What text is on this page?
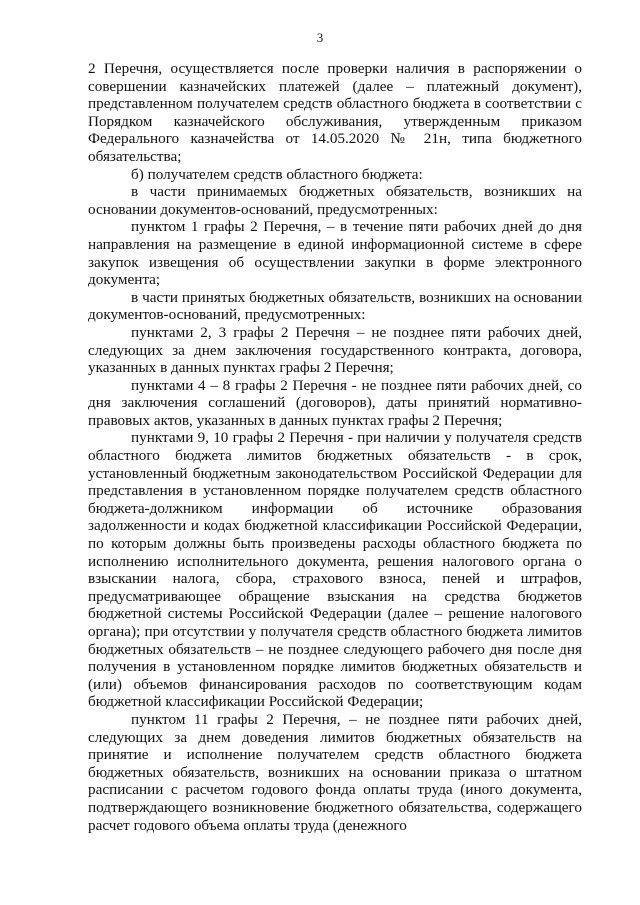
3

2 Перечня, осуществляется после проверки наличия в распоряжении о совершении казначейских платежей (далее – платежный документ), представленном получателем средств областного бюджета в соответствии с Порядком казначейского обслуживания, утвержденным приказом Федерального казначейства от 14.05.2020 № 21н, типа бюджетного обязательства;

б) получателем средств областного бюджета:

в части принимаемых бюджетных обязательств, возникших на основании документов-оснований, предусмотренных:

пунктом 1 графы 2 Перечня, – в течение пяти рабочих дней до дня направления на размещение в единой информационной системе в сфере закупок извещения об осуществлении закупки в форме электронного документа;

в части принятых бюджетных обязательств, возникших на основании документов-оснований, предусмотренных:

пунктами 2, 3 графы 2 Перечня – не позднее пяти рабочих дней, следующих за днем заключения государственного контракта, договора, указанных в данных пунктах графы 2 Перечня;

пунктами 4 – 8 графы 2 Перечня - не позднее пяти рабочих дней, со дня заключения соглашений (договоров), даты принятий нормативно-правовых актов, указанных в данных пунктах графы 2 Перечня;

пунктами 9, 10 графы 2 Перечня - при наличии у получателя средств областного бюджета лимитов бюджетных обязательств - в срок, установленный бюджетным законодательством Российской Федерации для представления в установленном порядке получателем средств областного бюджета-должником информации об источнике образования задолженности и кодах бюджетной классификации Российской Федерации, по которым должны быть произведены расходы областного бюджета по исполнению исполнительного документа, решения налогового органа о взыскании налога, сбора, страхового взноса, пеней и штрафов, предусматривающее обращение взыскания на средства бюджетов бюджетной системы Российской Федерации (далее – решение налогового органа); при отсутствии у получателя средств областного бюджета лимитов бюджетных обязательств – не позднее следующего рабочего дня после дня получения в установленном порядке лимитов бюджетных обязательств и (или) объемов финансирования расходов по соответствующим кодам бюджетной классификации Российской Федерации;

пунктом 11 графы 2 Перечня, – не позднее пяти рабочих дней, следующих за днем доведения лимитов бюджетных обязательств на принятие и исполнение получателем средств областного бюджета бюджетных обязательств, возникших на основании приказа о штатном расписании с расчетом годового фонда оплаты труда (иного документа, подтверждающего возникновение бюджетного обязательства, содержащего расчет годового объема оплаты труда (денежного
